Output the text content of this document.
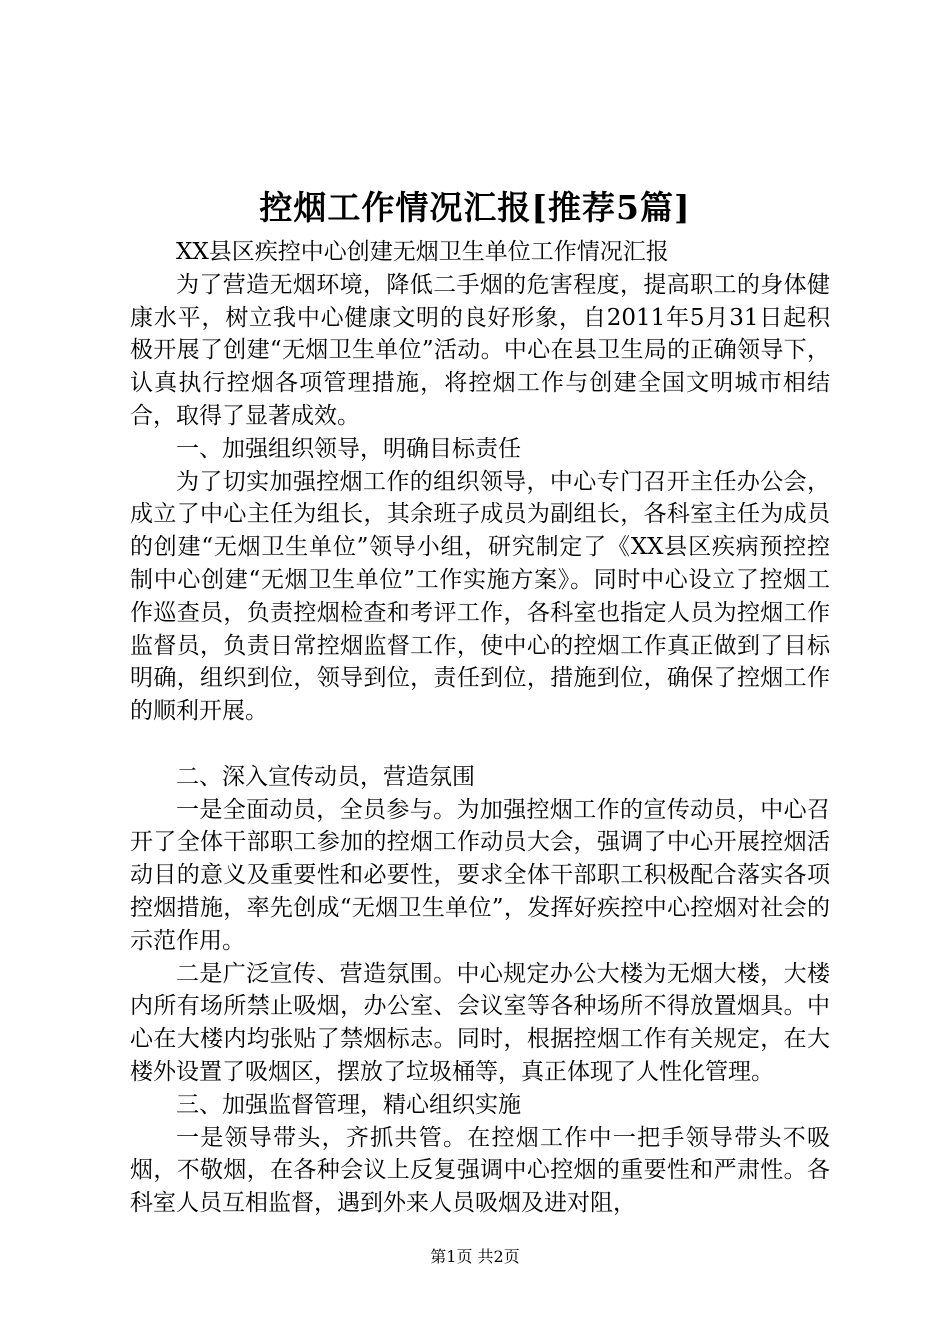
控烟工作情况汇报[推荐5篇]

XX县区疾控中心创建无烟卫生单位工作情况汇报

为了营造无烟环境，降低二手烟的危害程度，提高职工的身体健康水平，树立我中心健康文明的良好形象，自2011年5月31日起积极开展了创建“无烟卫生单位”活动。中心在县卫生局的正确领导下，认真执行控烟各项管理措施，将控烟工作与创建全国文明城市相结合，取得了显著成效。

一、加强组织领导，明确目标责任

为了切实加强控烟工作的组织领导，中心专门召开主任办公会，成立了中心主任为组长，其余班子成员为副组长，各科室主任为成员的创建“无烟卫生单位”领导小组，研究制定了《XX县区疾病预控控制中心创建“无烟卫生单位”工作实施方案》。同时中心设立了控烟工作巡查员，负责控烟检查和考评工作，各科室也指定人员为控烟工作监督员，负责日常控烟监督工作，使中心的控烟工作真正做到了目标明确，组织到位，领导到位，责任到位，措施到位，确保了控烟工作的顺利开展。

二、深入宣传动员，营造氛围

一是全面动员，全员参与。为加强控烟工作的宣传动员，中心召开了全体干部职工参加的控烟工作动员大会，强调了中心开展控烟活动目的意义及重要性和必要性，要求全体干部职工积极配合落实各项控烟措施，率先创成“无烟卫生单位”，发挥好疾控中心控烟对社会的示范作用。

二是广泛宣传、营造氛围。中心规定办公大楼为无烟大楼，大楼内所有场所禁止吸烟，办公室、会议室等各种场所不得放置烟具。中心在大楼内均张贴了禁烟标志。同时，根据控烟工作有关规定，在大楼外设置了吸烟区，摆放了垃圾桶等，真正体现了人性化管理。

三、加强监督管理，精心组织实施

一是领导带头，齐抓共管。在控烟工作中一把手领导带头不吸烟，不敬烟，在各种会议上反复强调中心控烟的重要性和严肃性。各科室人员互相监督，遇到外来人员吸烟及进对阻，

第1页 共2页
